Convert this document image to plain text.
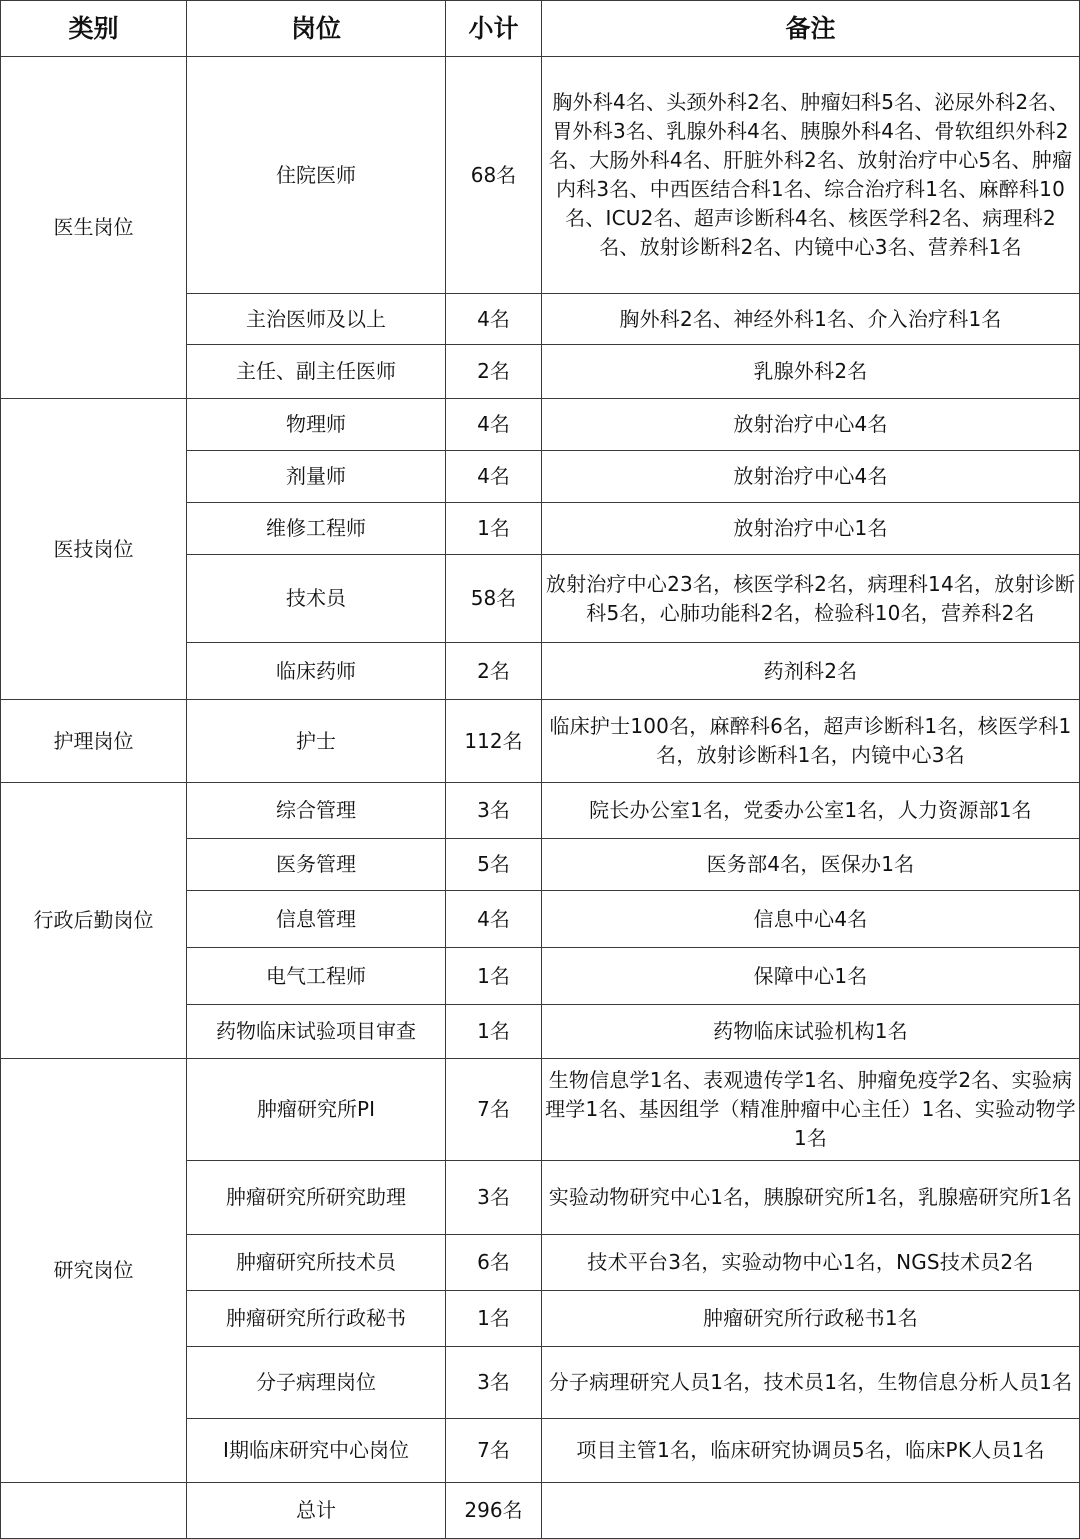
类别	岗位	小计	备注
医生岗位	住院医师	68名	胸外科4名、头颈外科2名、肿瘤妇科5名、泌尿外科2名、胃外科3名、乳腺外科4名、胰腺外科4名、骨软组织外科2名、大肠外科4名、肝脏外科2名、放射治疗中心5名、肿瘤内科3名、中西医结合科1名、综合治疗科1名、麻醉科10名、ICU2名、超声诊断科4名、核医学科2名、病理科2名、放射诊断科2名、内镜中心3名、营养科1名
	主治医师及以上	4名	胸外科2名、神经外科1名、介入治疗科1名
	主任、副主任医师	2名	乳腺外科2名
医技岗位	物理师	4名	放射治疗中心4名
	剂量师	4名	放射治疗中心4名
	维修工程师	1名	放射治疗中心1名
	技术员	58名	放射治疗中心23名，核医学科2名，病理科14名，放射诊断科5名，心肺功能科2名，检验科10名，营养科2名
	临床药师	2名	药剂科2名
护理岗位	护士	112名	临床护士100名，麻醉科6名，超声诊断科1名，核医学科1名，放射诊断科1名，内镜中心3名
行政后勤岗位	综合管理	3名	院长办公室1名，党委办公室1名，人力资源部1名
	医务管理	5名	医务部4名，医保办1名
	信息管理	4名	信息中心4名
	电气工程师	1名	保障中心1名
	药物临床试验项目审查	1名	药物临床试验机构1名
研究岗位	肿瘤研究所PI	7名	生物信息学1名、表观遗传学1名、肿瘤免疫学2名、实验病理学1名、基因组学（精准肿瘤中心主任）1名、实验动物学1名
	肿瘤研究所研究助理	3名	实验动物研究中心1名，胰腺研究所1名，乳腺癌研究所1名
	肿瘤研究所技术员	6名	技术平台3名，实验动物中心1名，NGS技术员2名
	肿瘤研究所行政秘书	1名	肿瘤研究所行政秘书1名
	分子病理岗位	3名	分子病理研究人员1名，技术员1名，生物信息分析人员1名
	I期临床研究中心岗位	7名	项目主管1名，临床研究协调员5名，临床PK人员1名
	总计	296名	
